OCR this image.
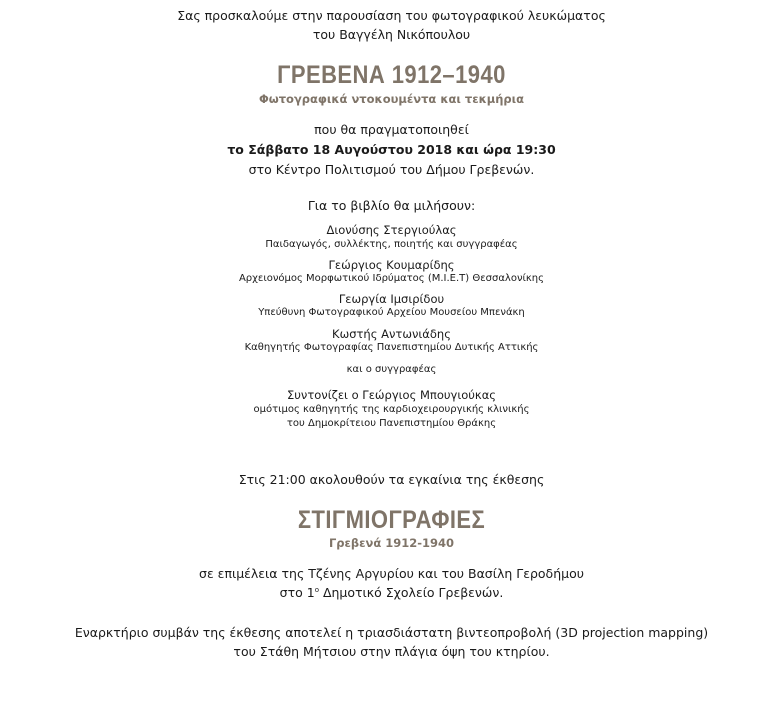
Σας προσκαλούμε στην παρουσίαση του φωτογραφικού λευκώματος
του Βαγγέλη Νικόπουλου
ΓΡΕΒΕΝΑ 1912–1940
Φωτογραφικά ντοκουμέντα και τεκμήρια
που θα πραγματοποιηθεί
το Σάββατο 18 Αυγούστου 2018 και ώρα 19:30
στο Κέντρο Πολιτισμού του Δήμου Γρεβενών.
Για το βιβλίο θα μιλήσουν:
Διονύσης Στεργιούλας
Παιδαγωγός, συλλέκτης, ποιητής και συγγραφέας
Γεώργιος Κουμαρίδης
Αρχειονόμος Μορφωτικού Ιδρύματος (Μ.Ι.Ε.Τ) Θεσσαλονίκης
Γεωργία Ιμσιρίδου
Υπεύθυνη Φωτογραφικού Αρχείου Μουσείου Μπενάκη
Κωστής Αντωνιάδης
Καθηγητής Φωτογραφίας Πανεπιστημίου Δυτικής Αττικής
και ο συγγραφέας
Συντονίζει ο Γεώργιος Μπουγιούκας
ομότιμος καθηγητής της καρδιοχειρουργικής κλινικής
του Δημοκρίτειου Πανεπιστημίου Θράκης
Στις 21:00 ακολουθούν τα εγκαίνια της έκθεσης
ΣΤΙΓΜΙΟΓΡΑΦΙΕΣ
Γρεβενά 1912-1940
σε επιμέλεια της Τζένης Αργυρίου και του Βασίλη Γεροδήμου
στο $1^o$ Δημοτικό Σχολείο Γρεβενών.
Εναρκτήριο συμβάν της έκθεσης αποτελεί η τριασδιάστατη βιντεοπροβολή (3D projection mapping)
του Στάθη Μήτσιου στην πλάγια όψη του κτηρίου.
